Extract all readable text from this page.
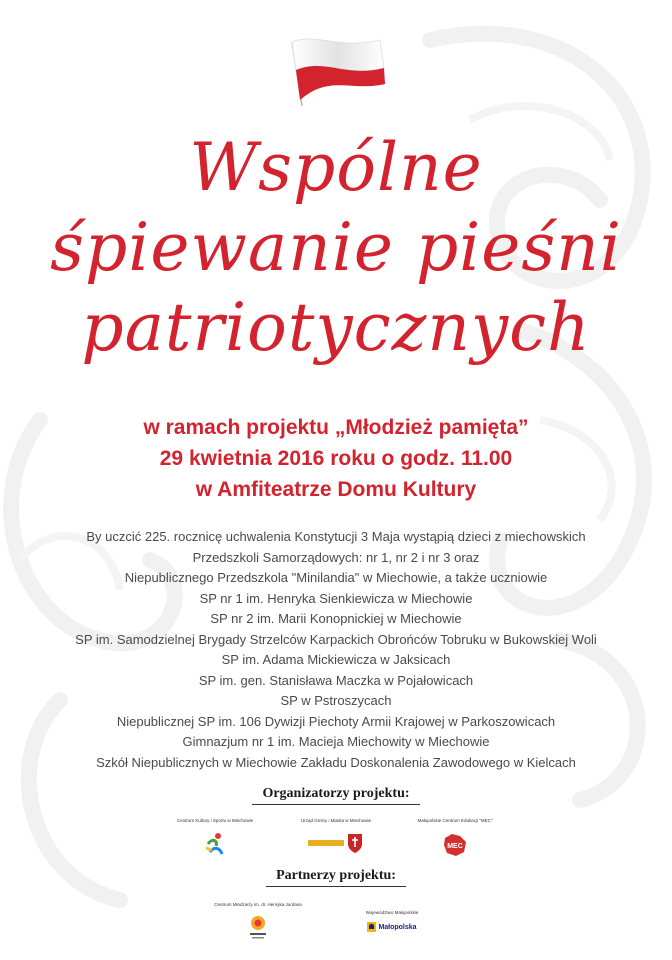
Wspólne
śpiewanie pieśni
patriotycznych
w ramach projektu „Młodzież pamięta”
29 kwietnia 2016 roku o godz. 11.00
w Amfiteatrze Domu Kultury
By uczcić 225. rocznicę uchwalenia Konstytucji 3 Maja wystąpią dzieci z miechowskich
Przedszkoli Samorządowych: nr 1, nr 2 i nr 3 oraz
Niepublicznego Przedszkola "Minilandia" w Miechowie, a także uczniowie
SP nr 1 im. Henryka Sienkiewicza w Miechowie
SP nr 2 im. Marii Konopnickiej w Miechowie
SP im. Samodzielnej Brygady Strzelców Karpackich Obrońców Tobruku w Bukowskiej Woli
SP im. Adama Mickiewicza w Jaksicach
SP im. gen. Stanisława Maczka w Pojałowicach
SP w Pstroszycach
Niepublicznej SP im. 106 Dywizji Piechoty Armii Krajowej w Parkoszowicach
Gimnazjum nr 1 im. Macieja Miechowity w Miechowie
Szkół Niepublicznych w Miechowie Zakładu Doskonalenia Zawodowego w Kielcach
Organizatorzy projektu:
Centrum Kultury i Sportu w Miechowie	Urząd Gminy i Miasta w Miechowie	Małopolskie Centrum Edukacji "MEC"
MEC
Partnerzy projektu:
Centrum Młodzieży im. dr. Henryka Jordana
Województwo Małopolskie
Małopolska
